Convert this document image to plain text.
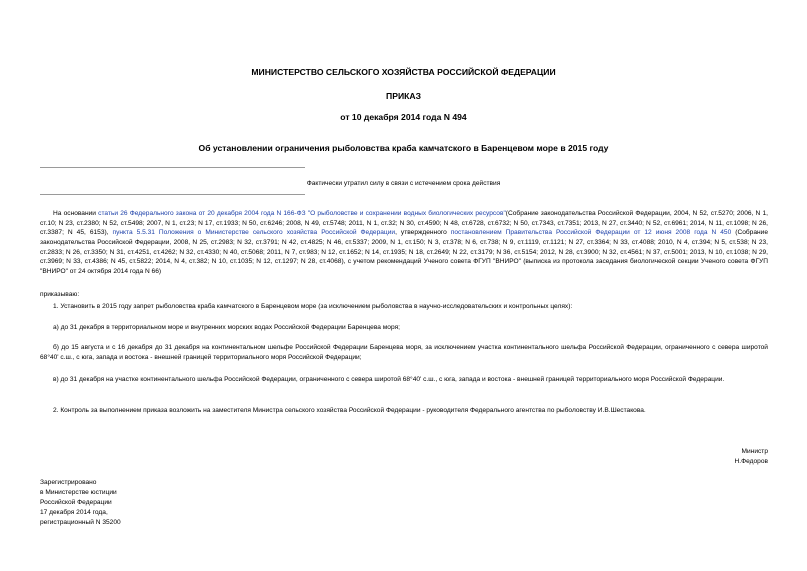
МИНИСТЕРСТВО СЕЛЬСКОГО ХОЗЯЙСТВА РОССИЙСКОЙ ФЕДЕРАЦИИ
ПРИКАЗ
от 10 декабря 2014 года N 494
Об установлении ограничения рыболовства краба камчатского в Баренцевом море в 2015 году
Фактически утратил силу в связи с истечением срока действия
На основании статьи 26 Федерального закона от 20 декабря 2004 года N 166-ФЗ "О рыболовстве и сохранении водных биологических ресурсов"(Собрание законодательства Российской Федерации, 2004, N 52, ст.5270; 2006, N 1, ст.10; N 23, ст.2380; N 52, ст.5498; 2007, N 1, ст.23; N 17, ст.1933; N 50, ст.6246; 2008, N 49, ст.5748; 2011, N 1, ст.32; N 30, ст.4590; N 48, ст.6728, ст.6732; N 50, ст.7343, ст.7351; 2013, N 27, ст.3440; N 52, ст.6961; 2014, N 11, ст.1098; N 26, ст.3387; N 45, 6153), пункта 5.5.31 Положения о Министерстве сельского хозяйства Российской Федерации, утвержденного постановлением Правительства Российской Федерации от 12 июня 2008 года N 450 (Собрание законодательства Российской Федерации, 2008, N 25, ст.2983; N 32, ст.3791; N 42, ст.4825; N 46, ст.5337; 2009, N 1, ст.150; N 3, ст.378; N 6, ст.738; N 9, ст.1119, ст.1121; N 27, ст.3364; N 33, ст.4088; 2010, N 4, ст.394; N 5, ст.538; N 23, ст.2833; N 26, ст.3350; N 31, ст.4251, ст.4262; N 32, ст.4330; N 40, ст.5068; 2011, N 7, ст.983; N 12, ст.1652; N 14, ст.1935; N 18, ст.2649; N 22, ст.3179; N 36, ст.5154; 2012, N 28, ст.3900; N 32, ст.4561; N 37, ст.5001; 2013, N 10, ст.1038; N 29, ст.3969; N 33, ст.4386; N 45, ст.5822; 2014, N 4, ст.382; N 10, ст.1035; N 12, ст.1297; N 28, ст.4068), с учетом рекомендаций Ученого совета ФГУП "ВНИРО" (выписка из протокола заседания биологической секции Ученого совета ФГУП "ВНИРО" от 24 октября 2014 года N 66)
приказываю:
1. Установить в 2015 году запрет рыболовства краба камчатского в Баренцевом море (за исключением рыболовства в научно-исследовательских и контрольных целях):
а) до 31 декабря в территориальном море и внутренних морских водах Российской Федерации Баренцева моря;
б) до 15 августа и с 16 декабря до 31 декабря на континентальном шельфе Российской Федерации Баренцева моря, за исключением участка континентального шельфа Российской Федерации, ограниченного с севера широтой 68°40' с.ш., с юга, запада и востока - внешней границей территориального моря Российской Федерации;
в) до 31 декабря на участке континентального шельфа Российской Федерации, ограниченного с севера широтой 68°40' с.ш., с юга, запада и востока - внешней границей территориального моря Российской Федерации.
2. Контроль за выполнением приказа возложить на заместителя Министра сельского хозяйства Российской Федерации - руководителя Федерального агентства по рыболовству И.В.Шестакова.
Министр
Н.Федоров
Зарегистрировано
в Министерстве юстиции
Российской Федерации
17 декабря 2014 года,
регистрационный N 35200
